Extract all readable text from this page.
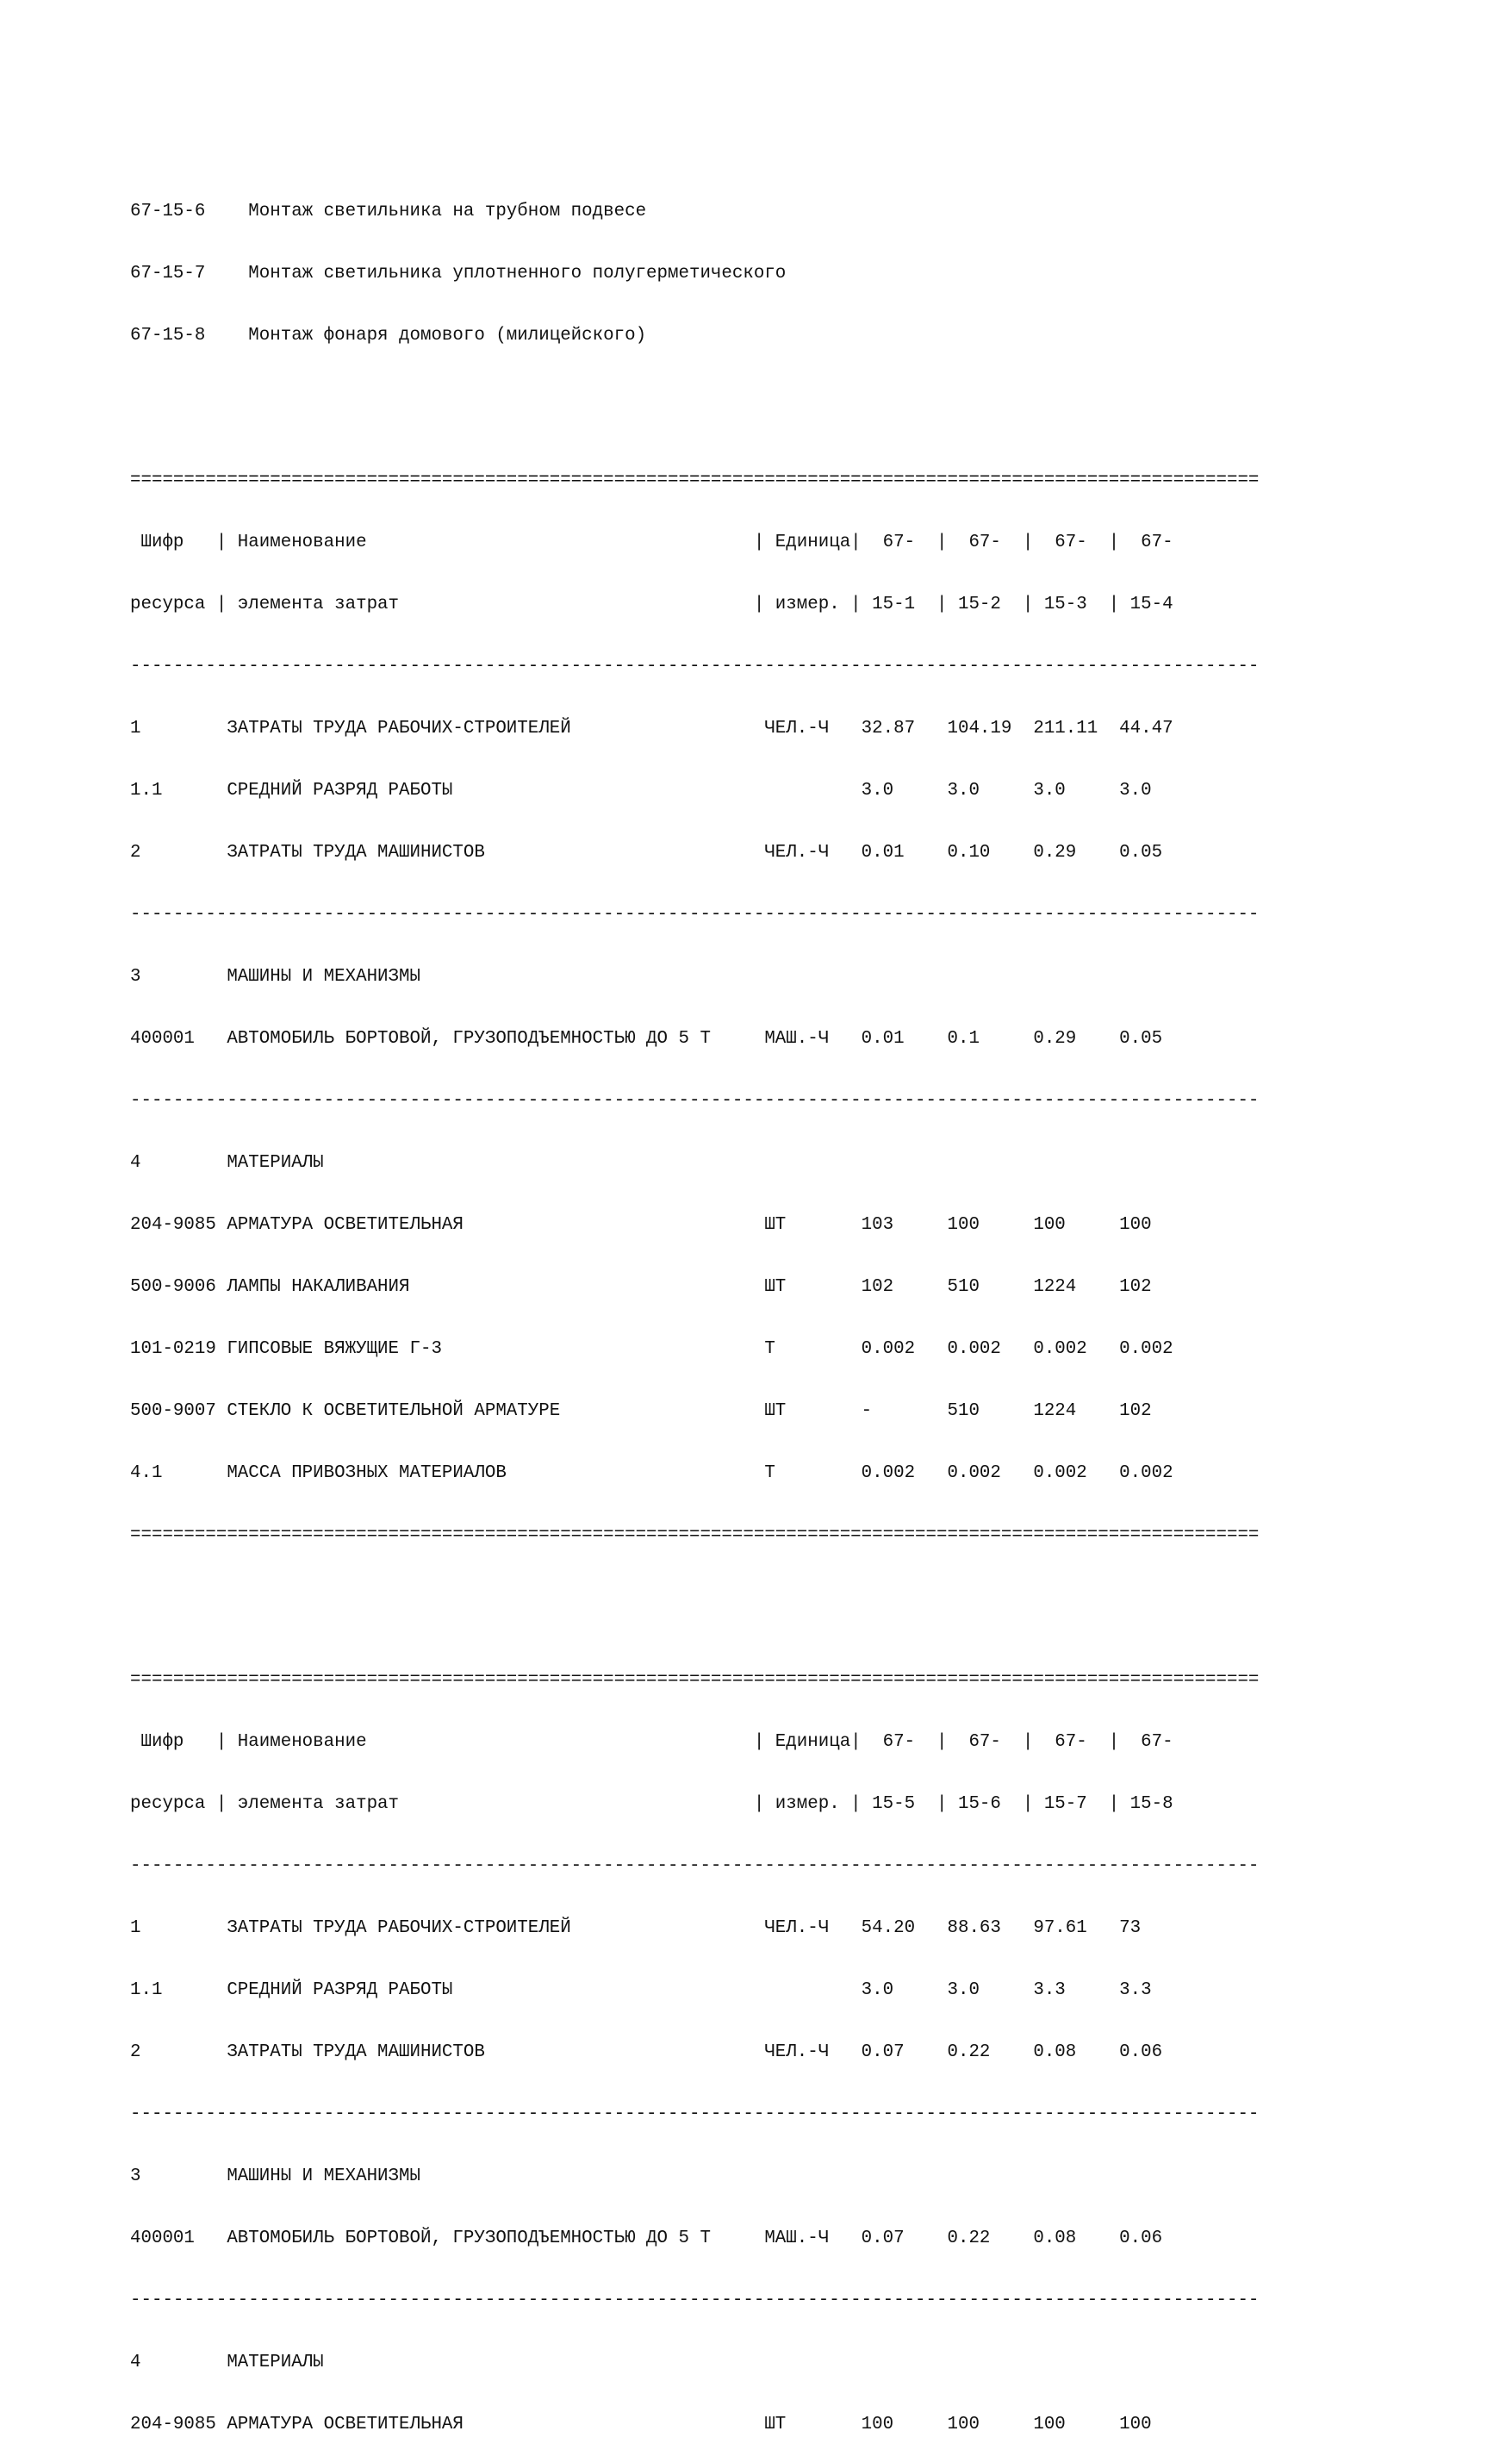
67-15-6    Монтаж светильника на трубном подвесе

67-15-7    Монтаж светильника уплотненного полугерметического

67-15-8    Монтаж фонаря домового (милицейского)

=========================================================================================================

Шифр   | Наименование                                    | Единица|  67-  |  67-  |  67-  |  67-

ресурса | элемента затрат                                 | измер. | 15-1  | 15-2  | 15-3  | 15-4

---------------------------------------------------------------------------------------------------------

1        ЗАТРАТЫ ТРУДА РАБОЧИХ-СТРОИТЕЛЕЙ                  ЧЕЛ.-Ч   32.87   104.19  211.11  44.47

1.1      СРЕДНИЙ РАЗРЯД РАБОТЫ                                      3.0     3.0     3.0     3.0

2        ЗАТРАТЫ ТРУДА МАШИНИСТОВ                          ЧЕЛ.-Ч   0.01    0.10    0.29    0.05

---------------------------------------------------------------------------------------------------------

3        МАШИНЫ И МЕХАНИЗМЫ

400001   АВТОМОБИЛЬ БОРТОВОЙ, ГРУЗОПОДЪЕМНОСТЬЮ ДО 5 Т     МАШ.-Ч   0.01    0.1     0.29    0.05

---------------------------------------------------------------------------------------------------------

4        МАТЕРИАЛЫ

204-9085 АРМАТУРА ОСВЕТИТЕЛЬНАЯ                            ШТ       103     100     100     100

500-9006 ЛАМПЫ НАКАЛИВАНИЯ                                 ШТ       102     510     1224    102

101-0219 ГИПСОВЫЕ ВЯЖУЩИЕ Г-3                              Т        0.002   0.002   0.002   0.002

500-9007 СТЕКЛО К ОСВЕТИТЕЛЬНОЙ АРМАТУРЕ                   ШТ       -       510     1224    102

4.1      МАССА ПРИВОЗНЫХ МАТЕРИАЛОВ                        Т        0.002   0.002   0.002   0.002

=========================================================================================================

=========================================================================================================

Шифр   | Наименование                                    | Единица|  67-  |  67-  |  67-  |  67-

ресурса | элемента затрат                                 | измер. | 15-5  | 15-6  | 15-7  | 15-8

---------------------------------------------------------------------------------------------------------

1        ЗАТРАТЫ ТРУДА РАБОЧИХ-СТРОИТЕЛЕЙ                  ЧЕЛ.-Ч   54.20   88.63   97.61   73

1.1      СРЕДНИЙ РАЗРЯД РАБОТЫ                                      3.0     3.0     3.3     3.3

2        ЗАТРАТЫ ТРУДА МАШИНИСТОВ                          ЧЕЛ.-Ч   0.07    0.22    0.08    0.06

---------------------------------------------------------------------------------------------------------

3        МАШИНЫ И МЕХАНИЗМЫ

400001   АВТОМОБИЛЬ БОРТОВОЙ, ГРУЗОПОДЪЕМНОСТЬЮ ДО 5 Т     МАШ.-Ч   0.07    0.22    0.08    0.06

---------------------------------------------------------------------------------------------------------

4        МАТЕРИАЛЫ

204-9085 АРМАТУРА ОСВЕТИТЕЛЬНАЯ                            ШТ       100     100     100     100
